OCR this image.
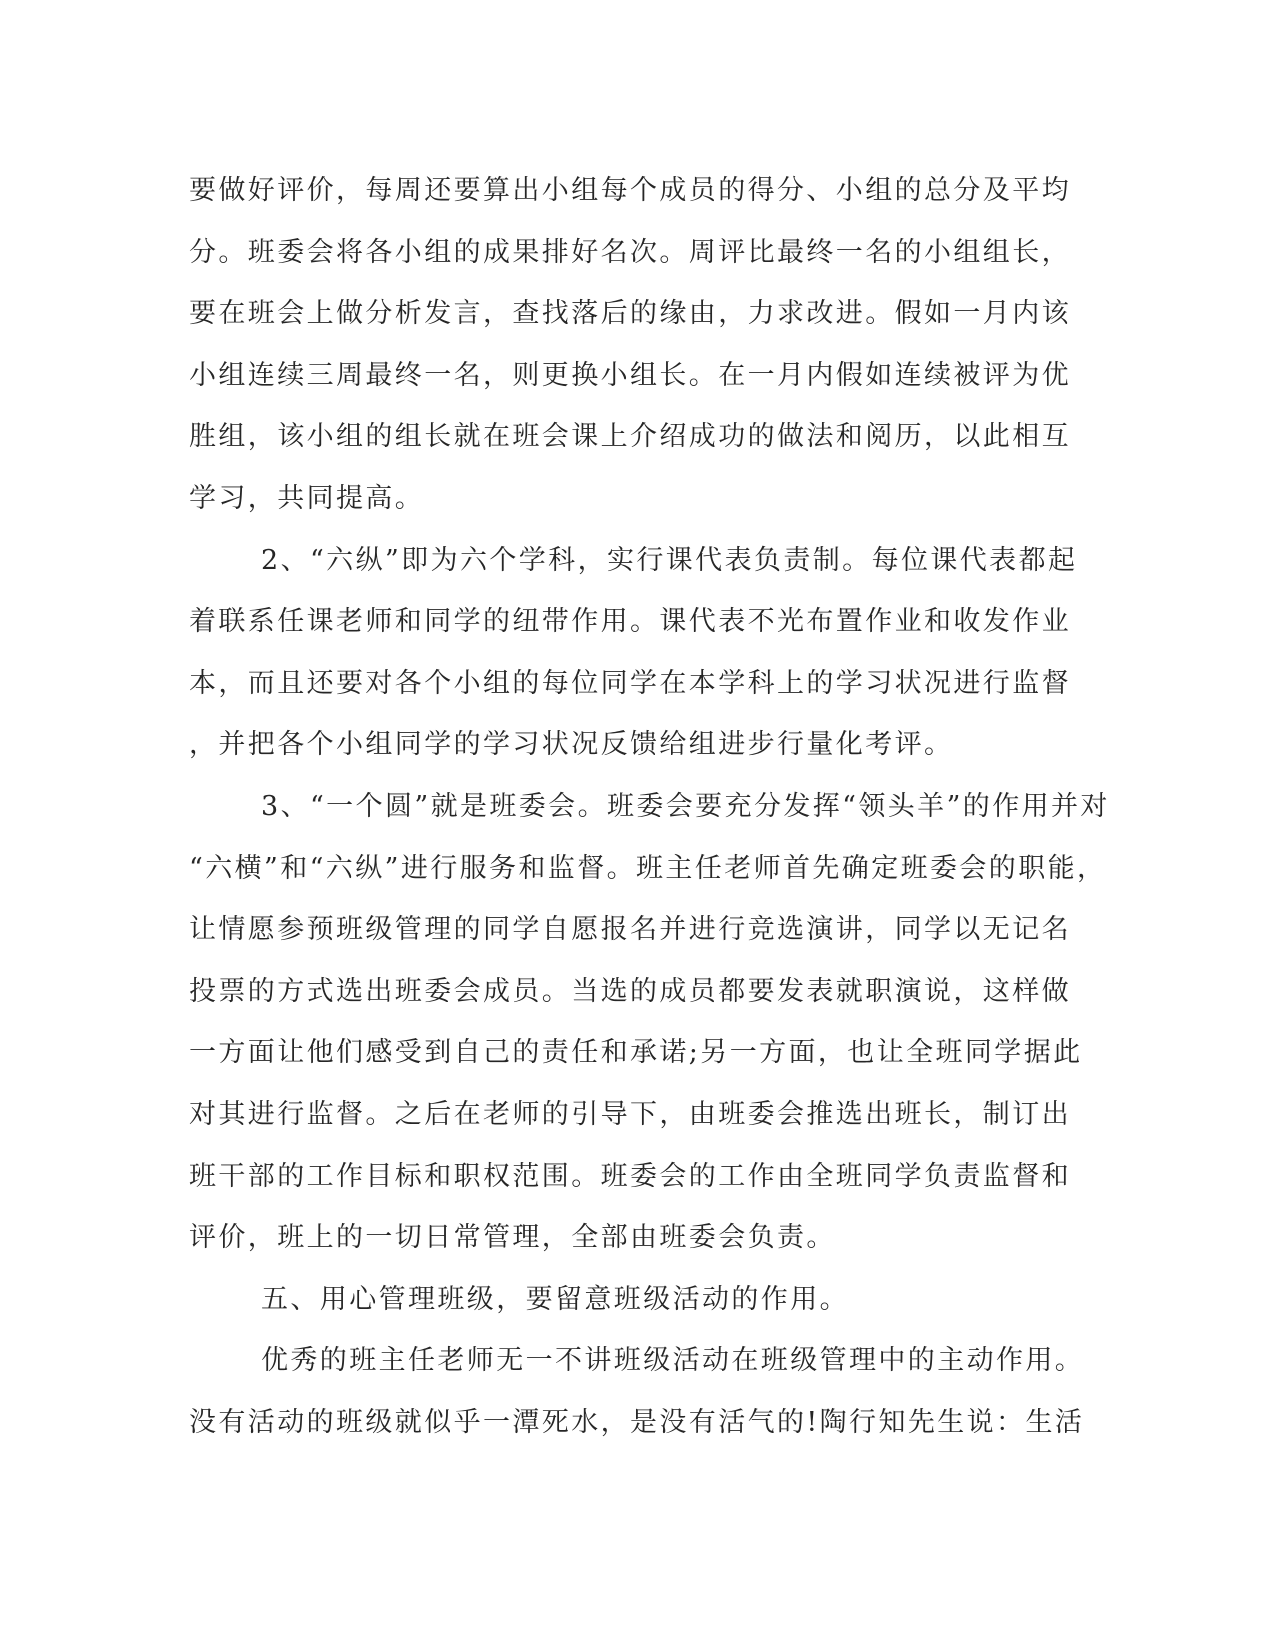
要做好评价，每周还要算出小组每个成员的得分、小组的总分及平均
分。班委会将各小组的成果排好名次。周评比最终一名的小组组长，
要在班会上做分析发言，查找落后的缘由，力求改进。假如一月内该
小组连续三周最终一名，则更换小组长。在一月内假如连续被评为优
胜组，该小组的组长就在班会课上介绍成功的做法和阅历，以此相互
学习，共同提高。
2、“六纵”即为六个学科，实行课代表负责制。每位课代表都起
着联系任课老师和同学的纽带作用。课代表不光布置作业和收发作业
本，而且还要对各个小组的每位同学在本学科上的学习状况进行监督
，并把各个小组同学的学习状况反馈给组进步行量化考评。
3、“一个圆”就是班委会。班委会要充分发挥“领头羊”的作用并对
“六横”和“六纵”进行服务和监督。班主任老师首先确定班委会的职能，
让情愿参预班级管理的同学自愿报名并进行竞选演讲，同学以无记名
投票的方式选出班委会成员。当选的成员都要发表就职演说，这样做
一方面让他们感受到自己的责任和承诺;另一方面，也让全班同学据此
对其进行监督。之后在老师的引导下，由班委会推选出班长，制订出
班干部的工作目标和职权范围。班委会的工作由全班同学负责监督和
评价，班上的一切日常管理，全部由班委会负责。
五、用心管理班级，要留意班级活动的作用。
优秀的班主任老师无一不讲班级活动在班级管理中的主动作用。
没有活动的班级就似乎一潭死水，是没有活气的!陶行知先生说：生活
